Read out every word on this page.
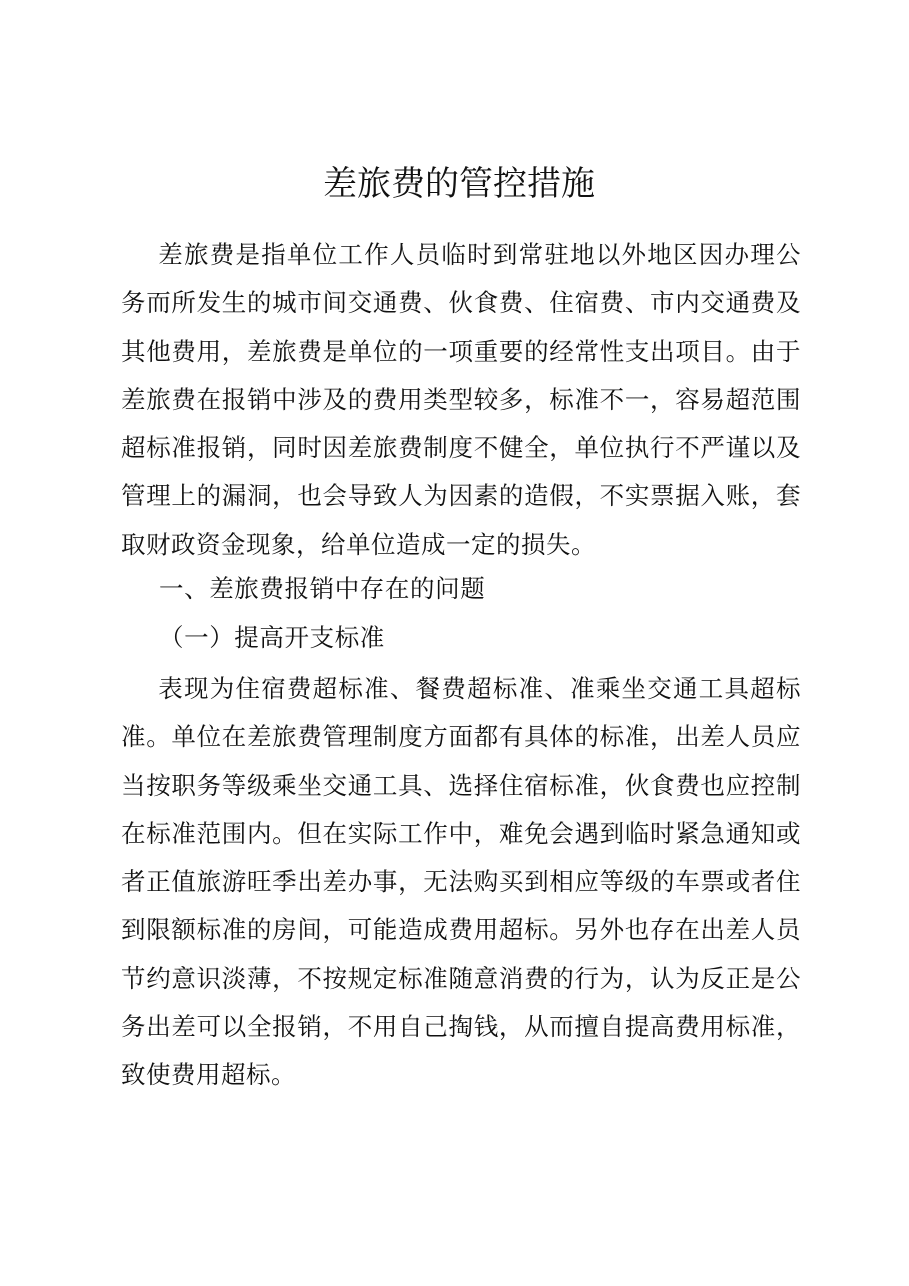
差旅费的管控措施
差旅费是指单位工作人员临时到常驻地以外地区因办理公务而所发生的城市间交通费、伙食费、住宿费、市内交通费及其他费用，差旅费是单位的一项重要的经常性支出项目。由于差旅费在报销中涉及的费用类型较多，标准不一，容易超范围超标准报销，同时因差旅费制度不健全，单位执行不严谨以及管理上的漏洞，也会导致人为因素的造假，不实票据入账，套取财政资金现象，给单位造成一定的损失。
一、差旅费报销中存在的问题
（一）提高开支标准
表现为住宿费超标准、餐费超标准、准乘坐交通工具超标准。单位在差旅费管理制度方面都有具体的标准，出差人员应当按职务等级乘坐交通工具、选择住宿标准，伙食费也应控制在标准范围内。但在实际工作中，难免会遇到临时紧急通知或者正值旅游旺季出差办事，无法购买到相应等级的车票或者住到限额标准的房间，可能造成费用超标。另外也存在出差人员节约意识淡薄，不按规定标准随意消费的行为，认为反正是公务出差可以全报销，不用自己掏钱，从而擅自提高费用标准，致使费用超标。
